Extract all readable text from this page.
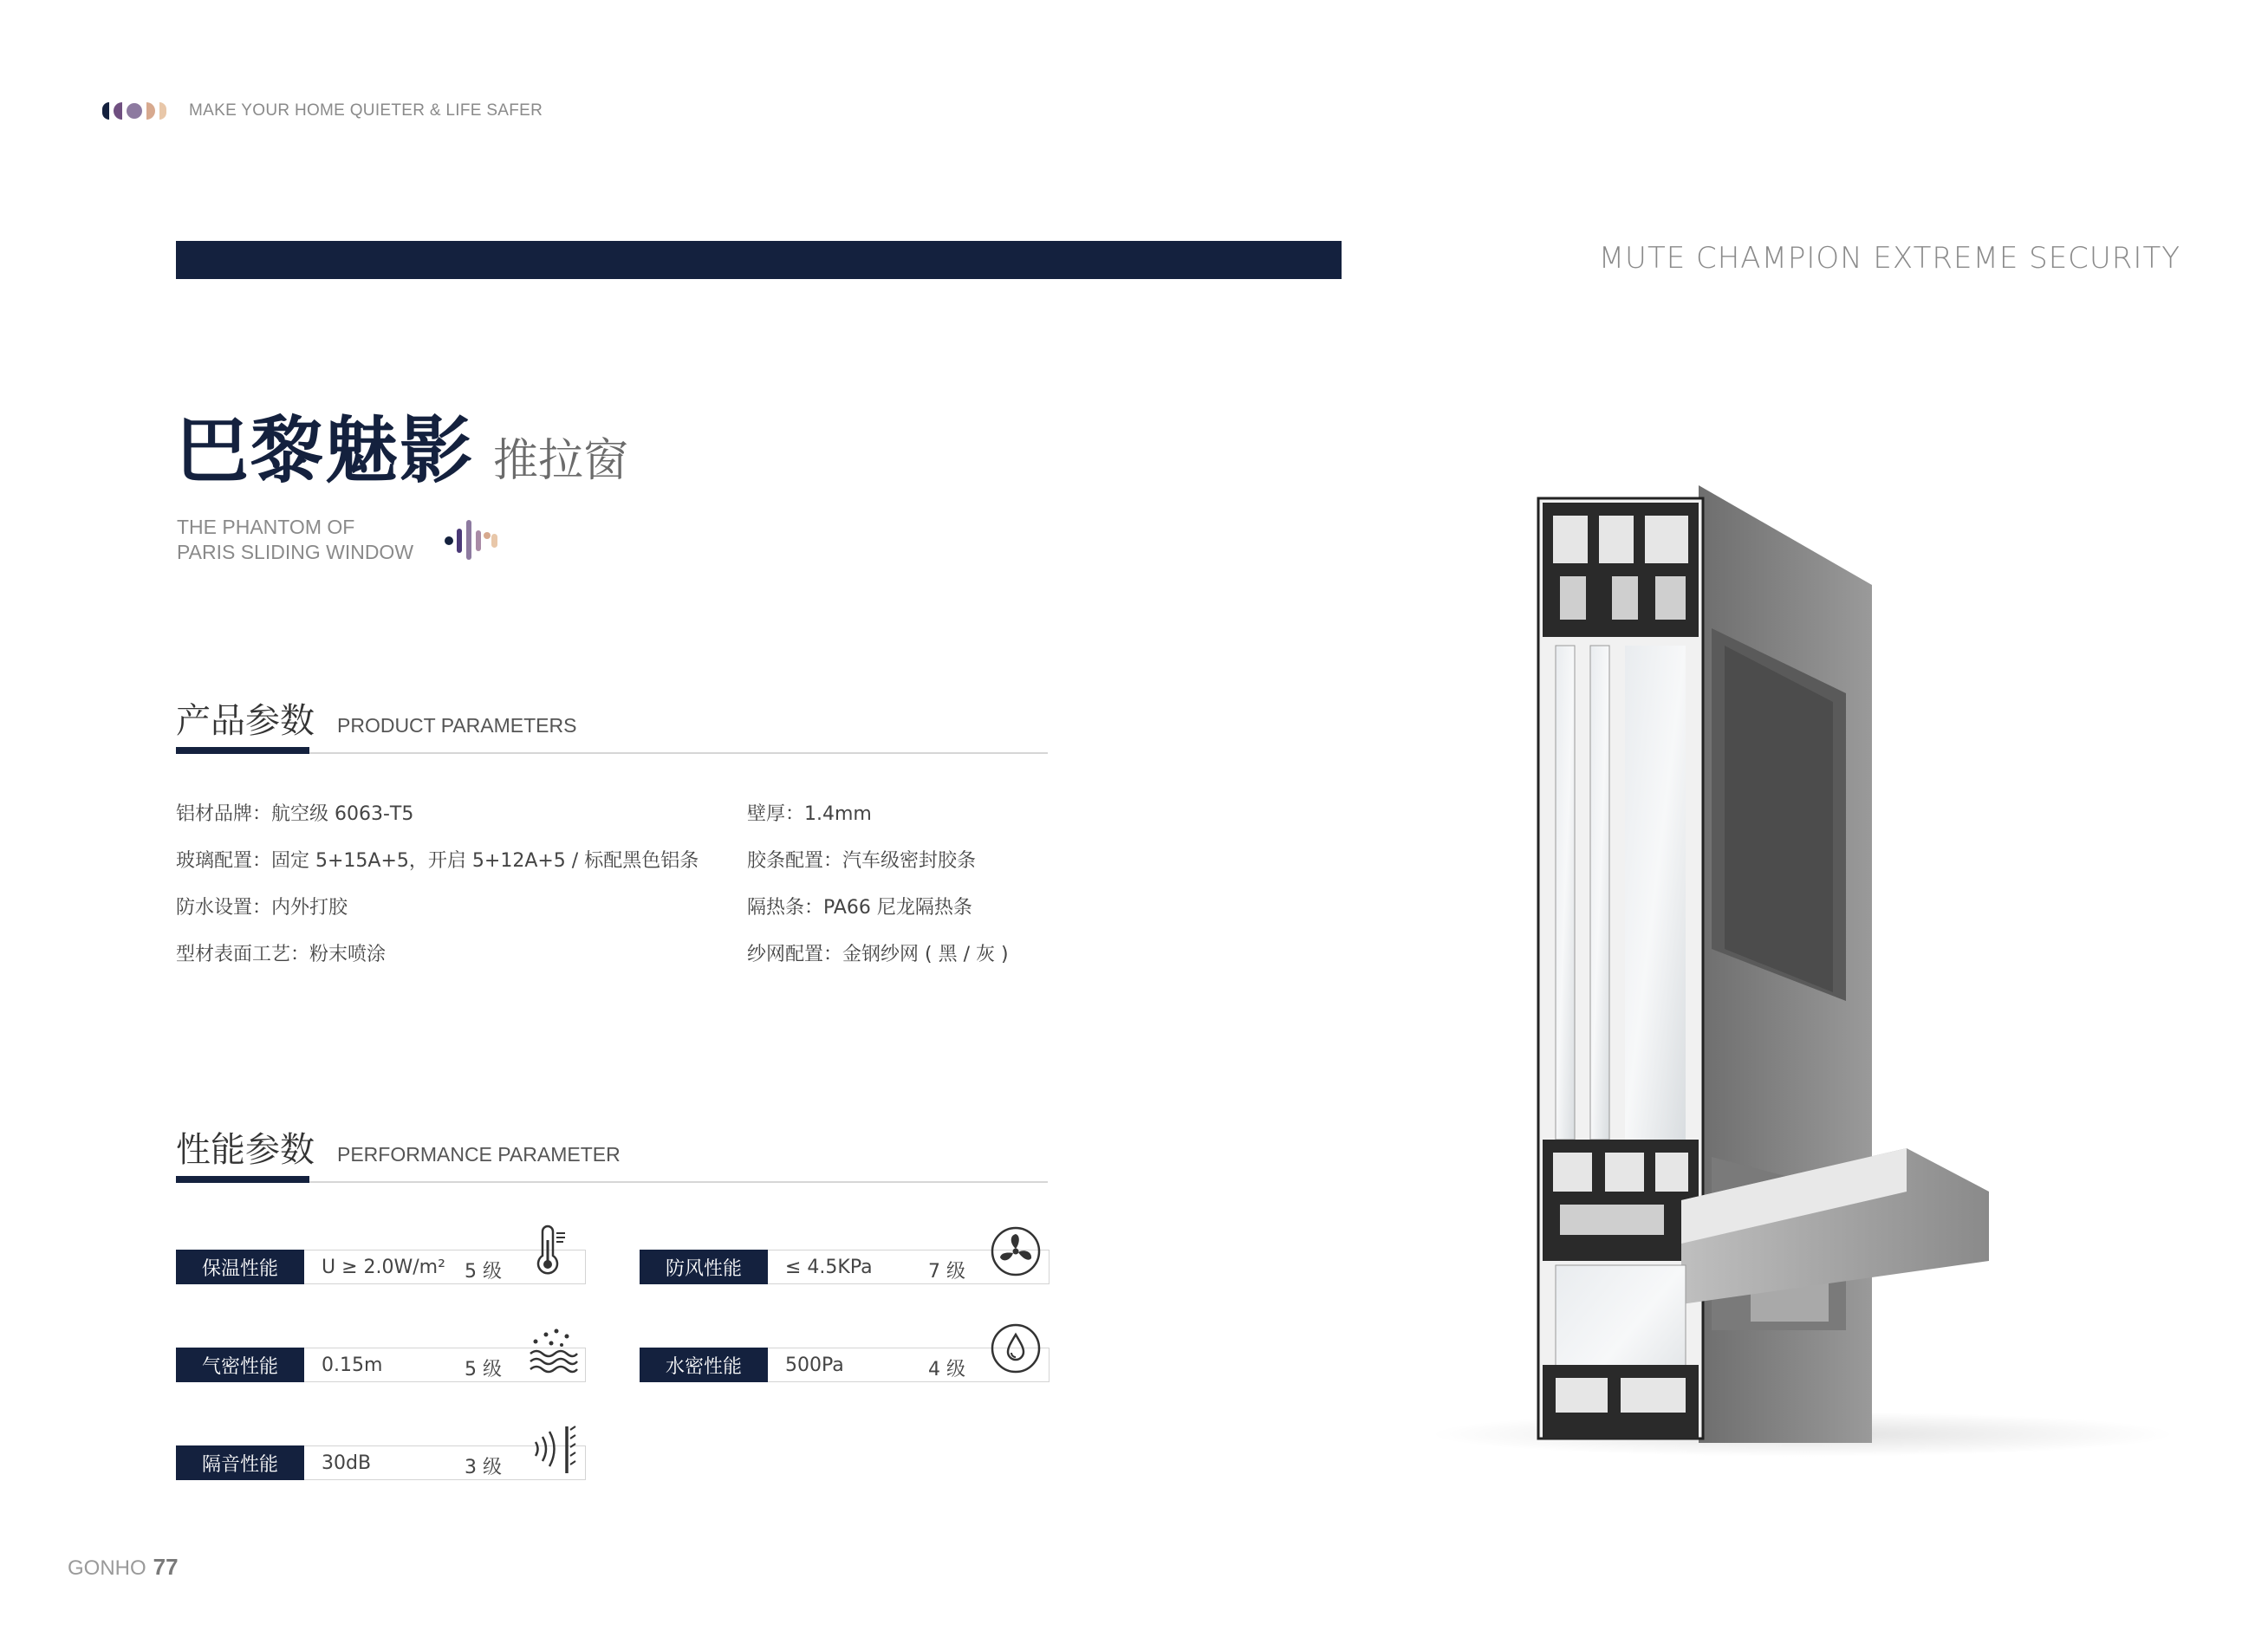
MAKE YOUR HOME QUIETER & LIFE SAFER
MUTE CHAMPION EXTREME SECURITY
巴黎魅影 推拉窗
THE PHANTOM OF
PARIS SLIDING WINDOW
产品参数 PRODUCT PARAMETERS
铝材品牌：航空级 6063-T5	壁厚：1.4mm
玻璃配置：固定 5+15A+5，开启 5+12A+5 / 标配黑色铝条	胶条配置：汽车级密封胶条
防水设置：内外打胶	隔热条：PA66 尼龙隔热条
型材表面工艺：粉末喷涂	纱网配置：金钢纱网 ( 黑 / 灰 )
性能参数 PERFORMANCE PARAMETER
保温性能	U ≥ 2.0W/m² 5 级	防风性能	≤ 4.5KPa	7 级
气密性能	0.15m	5 级	水密性能	500Pa	4 级
隔音性能	30dB	3 级
GONHO 77
